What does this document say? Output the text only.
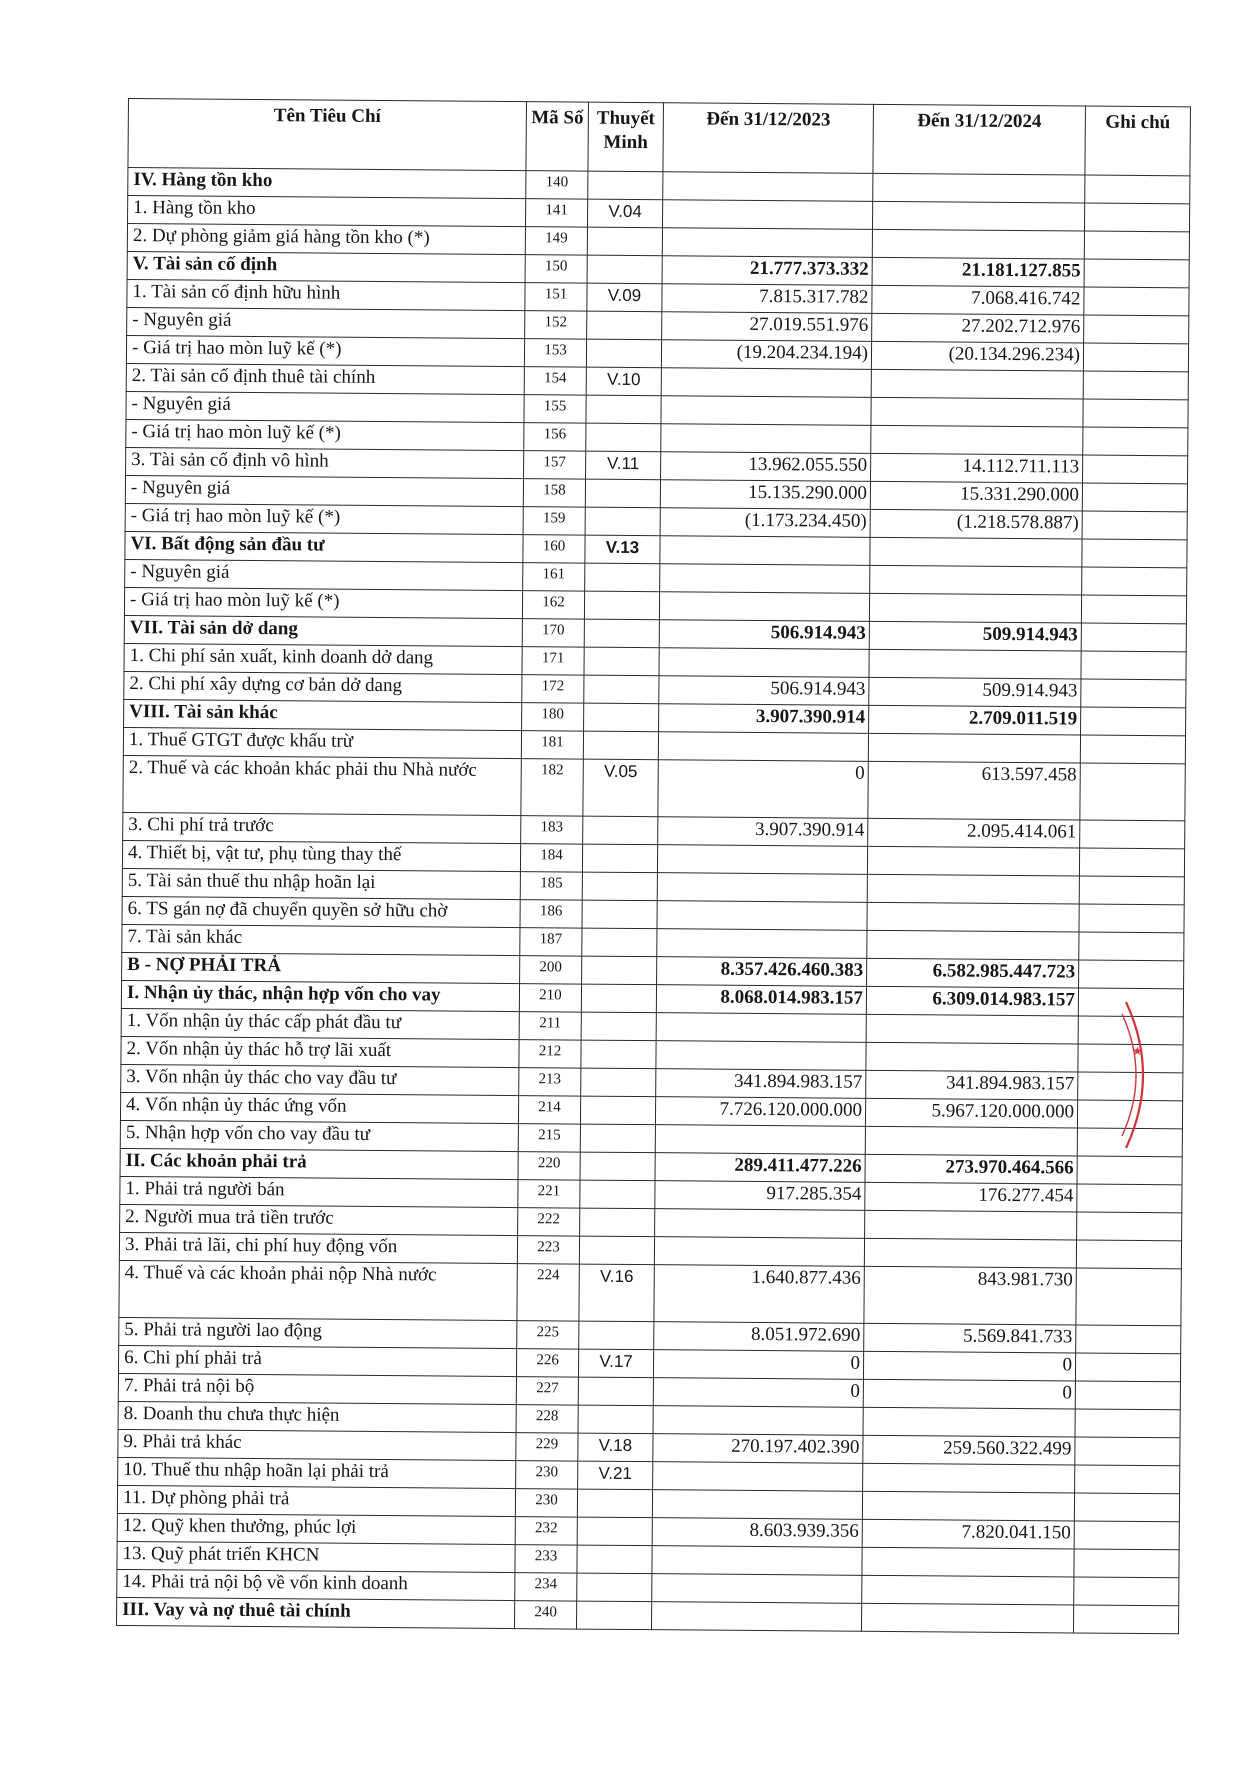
Tên Tiêu Chí	Mã Số	Thuyết Minh	Đến 31/12/2023	Đến 31/12/2024	Ghi chú
IV. Hàng tồn kho	140				
1. Hàng tồn kho	141	V.04			
2. Dự phòng giảm giá hàng tồn kho (*)	149				
V. Tài sản cố định	150		21.777.373.332	21.181.127.855	
1. Tài sản cố định hữu hình	151	V.09	7.815.317.782	7.068.416.742	
- Nguyên giá	152		27.019.551.976	27.202.712.976	
- Giá trị hao mòn luỹ kế (*)	153		(19.204.234.194)	(20.134.296.234)	
2. Tài sản cố định thuê tài chính	154	V.10			
- Nguyên giá	155				
- Giá trị hao mòn luỹ kế (*)	156				
3. Tài sản cố định vô hình	157	V.11	13.962.055.550	14.112.711.113	
- Nguyên giá	158		15.135.290.000	15.331.290.000	
- Giá trị hao mòn luỹ kế (*)	159		(1.173.234.450)	(1.218.578.887)	
VI. Bất động sản đầu tư	160	V.13			
- Nguyên giá	161				
- Giá trị hao mòn luỹ kế (*)	162				
VII. Tài sản dở dang	170		506.914.943	509.914.943	
1. Chi phí sản xuất, kinh doanh dở dang	171				
2. Chi phí xây dựng cơ bản dở dang	172		506.914.943	509.914.943	
VIII. Tài sản khác	180		3.907.390.914	2.709.011.519	
1. Thuế GTGT được khấu trừ	181				
2. Thuế và các khoản khác phải thu Nhà nước	182	V.05	0	613.597.458	
3. Chi phí trả trước	183		3.907.390.914	2.095.414.061	
4. Thiết bị, vật tư, phụ tùng thay thế	184				
5. Tài sản thuế thu nhập hoãn lại	185				
6. TS gán nợ đã chuyển quyền sở hữu chờ	186				
7. Tài sản khác	187				
B - NỢ PHẢI TRẢ	200		8.357.426.460.383	6.582.985.447.723	
I. Nhận ủy thác, nhận hợp vốn cho vay	210		8.068.014.983.157	6.309.014.983.157	
1. Vốn nhận ủy thác cấp phát đầu tư	211				
2. Vốn nhận ủy thác hỗ trợ lãi xuất	212				
3. Vốn nhận ủy thác cho vay đầu tư	213		341.894.983.157	341.894.983.157	
4. Vốn nhận ủy thác ứng vốn	214		7.726.120.000.000	5.967.120.000.000	
5. Nhận hợp vốn cho vay đầu tư	215				
II. Các khoản phải trả	220		289.411.477.226	273.970.464.566	
1. Phải trả người bán	221		917.285.354	176.277.454	
2. Người mua trả tiền trước	222				
3. Phải trả lãi, chi phí huy động vốn	223				
4. Thuế và các khoản phải nộp Nhà nước	224	V.16	1.640.877.436	843.981.730	
5. Phải trả người lao động	225		8.051.972.690	5.569.841.733	
6. Chi phí phải trả	226	V.17	0	0	
7. Phải trả nội bộ	227		0	0	
8. Doanh thu chưa thực hiện	228				
9. Phải trả khác	229	V.18	270.197.402.390	259.560.322.499	
10. Thuế thu nhập hoãn lại phải trả	230	V.21			
11. Dự phòng phải trả	230				
12. Quỹ khen thưởng, phúc lợi	232		8.603.939.356	7.820.041.150	
13. Quỹ phát triển KHCN	233				
14. Phải trả nội bộ về vốn kinh doanh	234				
III. Vay và nợ thuê tài chính	240				
★
